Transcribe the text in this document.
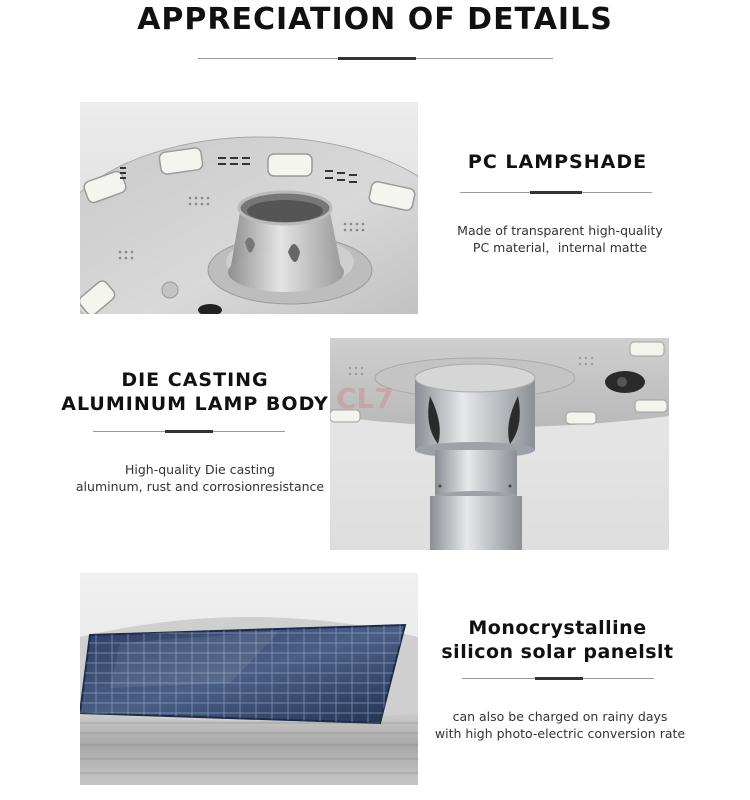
APPRECIATION OF DETAILS
PC LAMPSHADE
Made of transparent high-quality
PC material，internal matte
DIE CASTING
ALUMINUM LAMP BODY
High-quality Die casting
aluminum, rust and corrosionresistance
CL7
Monocrystalline
silicon solar panelslt
can also be charged on rainy days
with high photo-electric conversion rate
